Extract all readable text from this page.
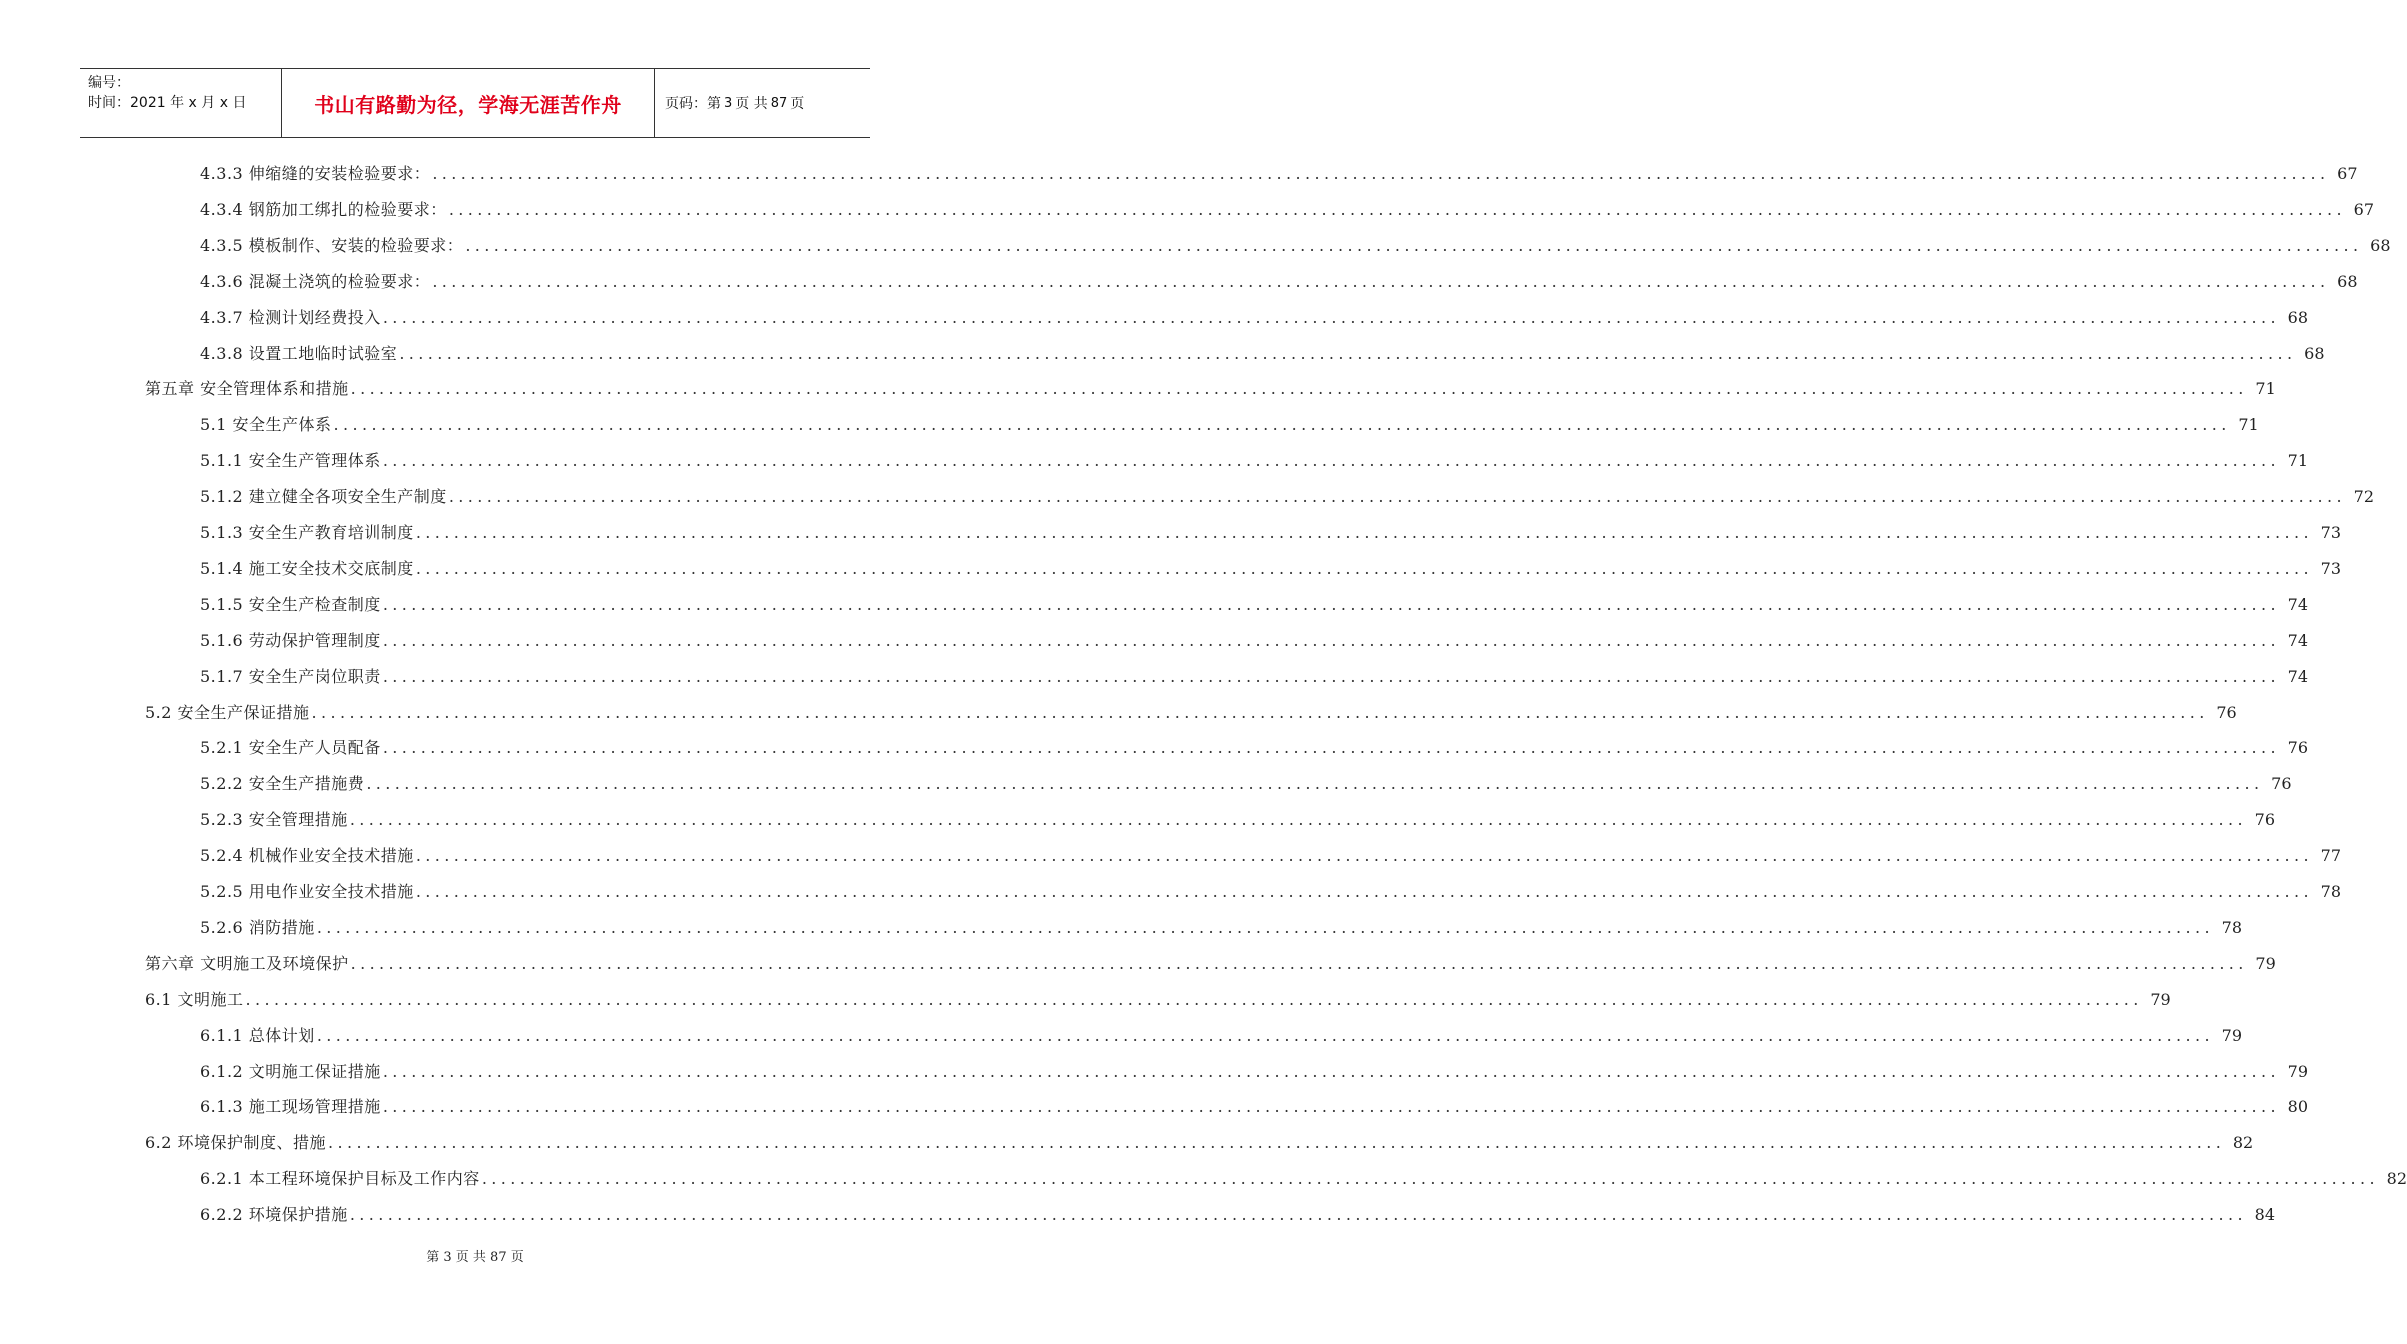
编号：
时间：2021 年 x 月 x 日	书山有路勤为径，学海无涯苦作舟	页码：第 3 页 共 87 页
4.3.3 伸缩缝的安装检验要求： ........................................................................................................................................................................................................ 67
4.3.4 钢筋加工绑扎的检验要求： ........................................................................................................................................................................................................ 67
4.3.5 模板制作、安装的检验要求： ........................................................................................................................................................................................................ 68
4.3.6 混凝土浇筑的检验要求： ........................................................................................................................................................................................................ 68
4.3.7 检测计划经费投入 ........................................................................................................................................................................................................ 68
4.3.8 设置工地临时试验室 ........................................................................................................................................................................................................ 68
第五章 安全管理体系和措施 ........................................................................................................................................................................................................ 71
5.1 安全生产体系 ........................................................................................................................................................................................................ 71
5.1.1 安全生产管理体系 ........................................................................................................................................................................................................ 71
5.1.2 建立健全各项安全生产制度 ........................................................................................................................................................................................................ 72
5.1.3 安全生产教育培训制度 ........................................................................................................................................................................................................ 73
5.1.4 施工安全技术交底制度 ........................................................................................................................................................................................................ 73
5.1.5 安全生产检查制度 ........................................................................................................................................................................................................ 74
5.1.6 劳动保护管理制度 ........................................................................................................................................................................................................ 74
5.1.7 安全生产岗位职责 ........................................................................................................................................................................................................ 74
5.2 安全生产保证措施 ........................................................................................................................................................................................................ 76
5.2.1 安全生产人员配备 ........................................................................................................................................................................................................ 76
5.2.2 安全生产措施费 ........................................................................................................................................................................................................ 76
5.2.3 安全管理措施 ........................................................................................................................................................................................................ 76
5.2.4 机械作业安全技术措施 ........................................................................................................................................................................................................ 77
5.2.5 用电作业安全技术措施 ........................................................................................................................................................................................................ 78
5.2.6 消防措施 ........................................................................................................................................................................................................ 78
第六章 文明施工及环境保护 ........................................................................................................................................................................................................ 79
6.1 文明施工 ........................................................................................................................................................................................................ 79
6.1.1 总体计划 ........................................................................................................................................................................................................ 79
6.1.2 文明施工保证措施 ........................................................................................................................................................................................................ 79
6.1.3 施工现场管理措施 ........................................................................................................................................................................................................ 80
6.2 环境保护制度、措施 ........................................................................................................................................................................................................ 82
6.2.1 本工程环境保护目标及工作内容 ........................................................................................................................................................................................................ 82
6.2.2 环境保护措施 ........................................................................................................................................................................................................ 84
第 3 页 共 87 页
